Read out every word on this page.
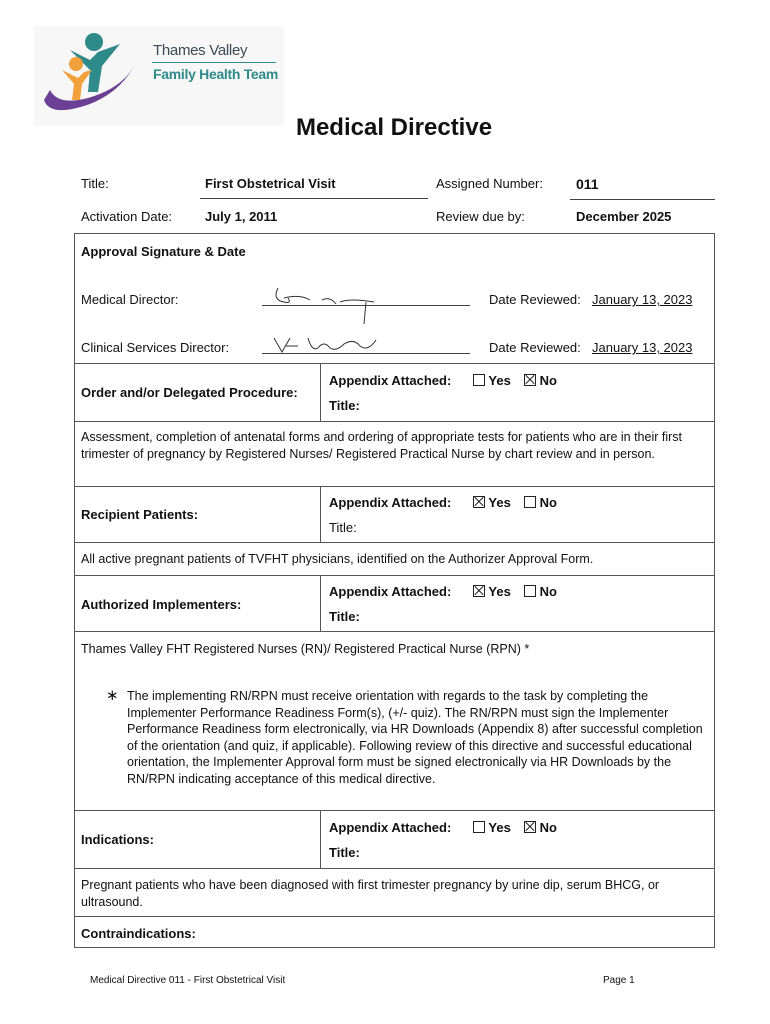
Thames Valley
Family Health Team
Medical Directive
Title:	First Obstetrical Visit	Assigned Number: 011
Activation Date:	July 1, 2011	Review due by:	December 2025
Approval Signature & Date
Medical Director:	Date Reviewed: January 13, 2023
Clinical Services Director:	Date Reviewed: January 13, 2023
Order and/or Delegated Procedure:
Appendix Attached:	Yes	No
Title:
Assessment, completion of antenatal forms and ordering of appropriate tests for patients who are in their first trimester of pregnancy by Registered Nurses/ Registered Practical Nurse by chart review and in person.
Recipient Patients:
Appendix Attached:	Yes	No
Title:
All active pregnant patients of TVFHT physicians, identified on the Authorizer Approval Form.
Authorized Implementers:
Appendix Attached:	Yes	No
Title:
Thames Valley FHT Registered Nurses (RN)/ Registered Practical Nurse (RPN) *
∗ The implementing RN/RPN must receive orientation with regards to the task by completing the Implementer Performance Readiness Form(s), (+/- quiz). The RN/RPN must sign the Implementer Performance Readiness form electronically, via HR Downloads (Appendix 8) after successful completion of the orientation (and quiz, if applicable). Following review of this directive and successful educational orientation, the Implementer Approval form must be signed electronically via HR Downloads by the RN/RPN indicating acceptance of this medical directive.
Indications:
Appendix Attached:	Yes	No
Title:
Pregnant patients who have been diagnosed with first trimester pregnancy by urine dip, serum BHCG, or ultrasound.
Contraindications:
Medical Directive 011 - First Obstetrical Visit	Page 1
